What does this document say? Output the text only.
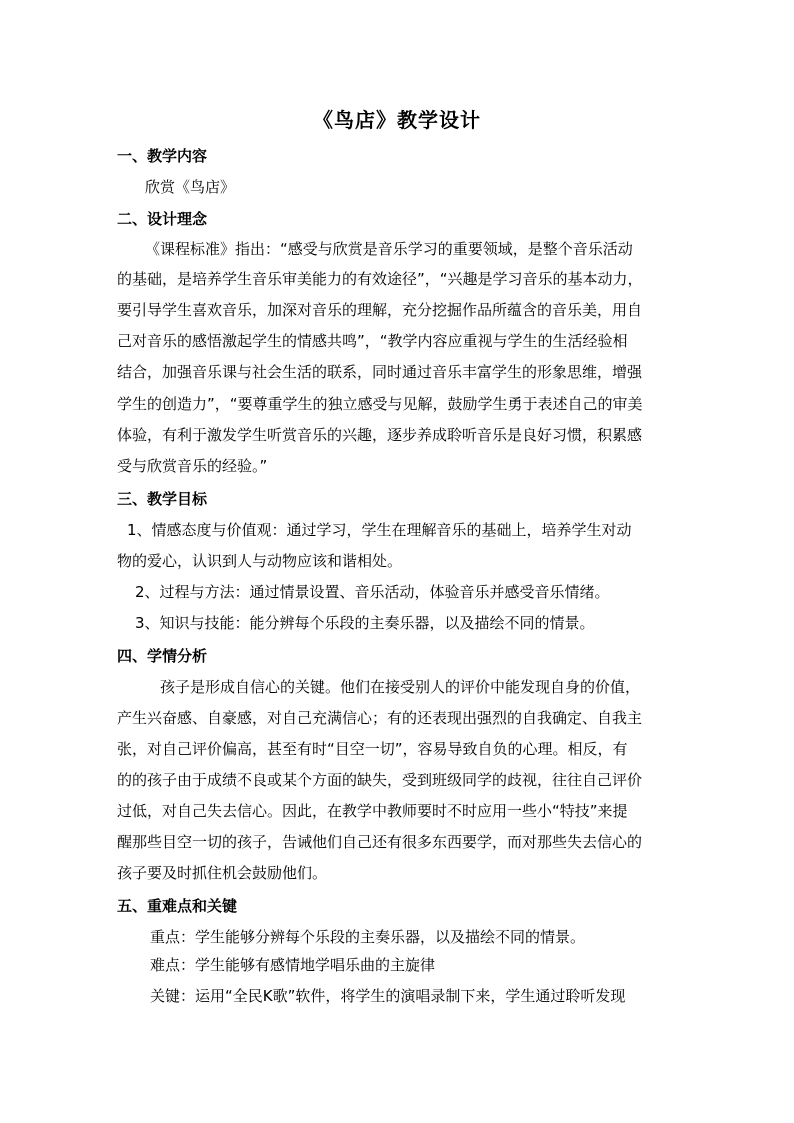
《鸟店》教学设计
一、教学内容
欣赏《鸟店》
二、设计理念
《课程标准》指出：“感受与欣赏是音乐学习的重要领域，是整个音乐活动
的基础，是培养学生音乐审美能力的有效途径”，“兴趣是学习音乐的基本动力，
要引导学生喜欢音乐，加深对音乐的理解，充分挖掘作品所蕴含的音乐美，用自
己对音乐的感悟激起学生的情感共鸣”，“教学内容应重视与学生的生活经验相
结合，加强音乐课与社会生活的联系，同时通过音乐丰富学生的形象思维，增强
学生的创造力”，“要尊重学生的独立感受与见解，鼓励学生勇于表述自己的审美
体验，有利于激发学生听赏音乐的兴趣，逐步养成聆听音乐是良好习惯，积累感
受与欣赏音乐的经验。”
三、教学目标
1、情感态度与价值观：通过学习，学生在理解音乐的基础上，培养学生对动
物的爱心，认识到人与动物应该和谐相处。
2、过程与方法：通过情景设置、音乐活动，体验音乐并感受音乐情绪。
3、知识与技能：能分辨每个乐段的主奏乐器，以及描绘不同的情景。
四、学情分析
孩子是形成自信心的关键。他们在接受别人的评价中能发现自身的价值，
产生兴奋感、自豪感，对自己充满信心；有的还表现出强烈的自我确定、自我主
张，对自己评价偏高，甚至有时“目空一切”，容易导致自负的心理。相反，有
的的孩子由于成绩不良或某个方面的缺失，受到班级同学的歧视，往往自己评价
过低，对自己失去信心。因此，在教学中教师要时不时应用一些小“特技”来提
醒那些目空一切的孩子，告诫他们自己还有很多东西要学，而对那些失去信心的
孩子要及时抓住机会鼓励他们。
五、重难点和关键
重点：学生能够分辨每个乐段的主奏乐器，以及描绘不同的情景。
难点：学生能够有感情地学唱乐曲的主旋律
关键：运用“全民K歌”软件，将学生的演唱录制下来，学生通过聆听发现
